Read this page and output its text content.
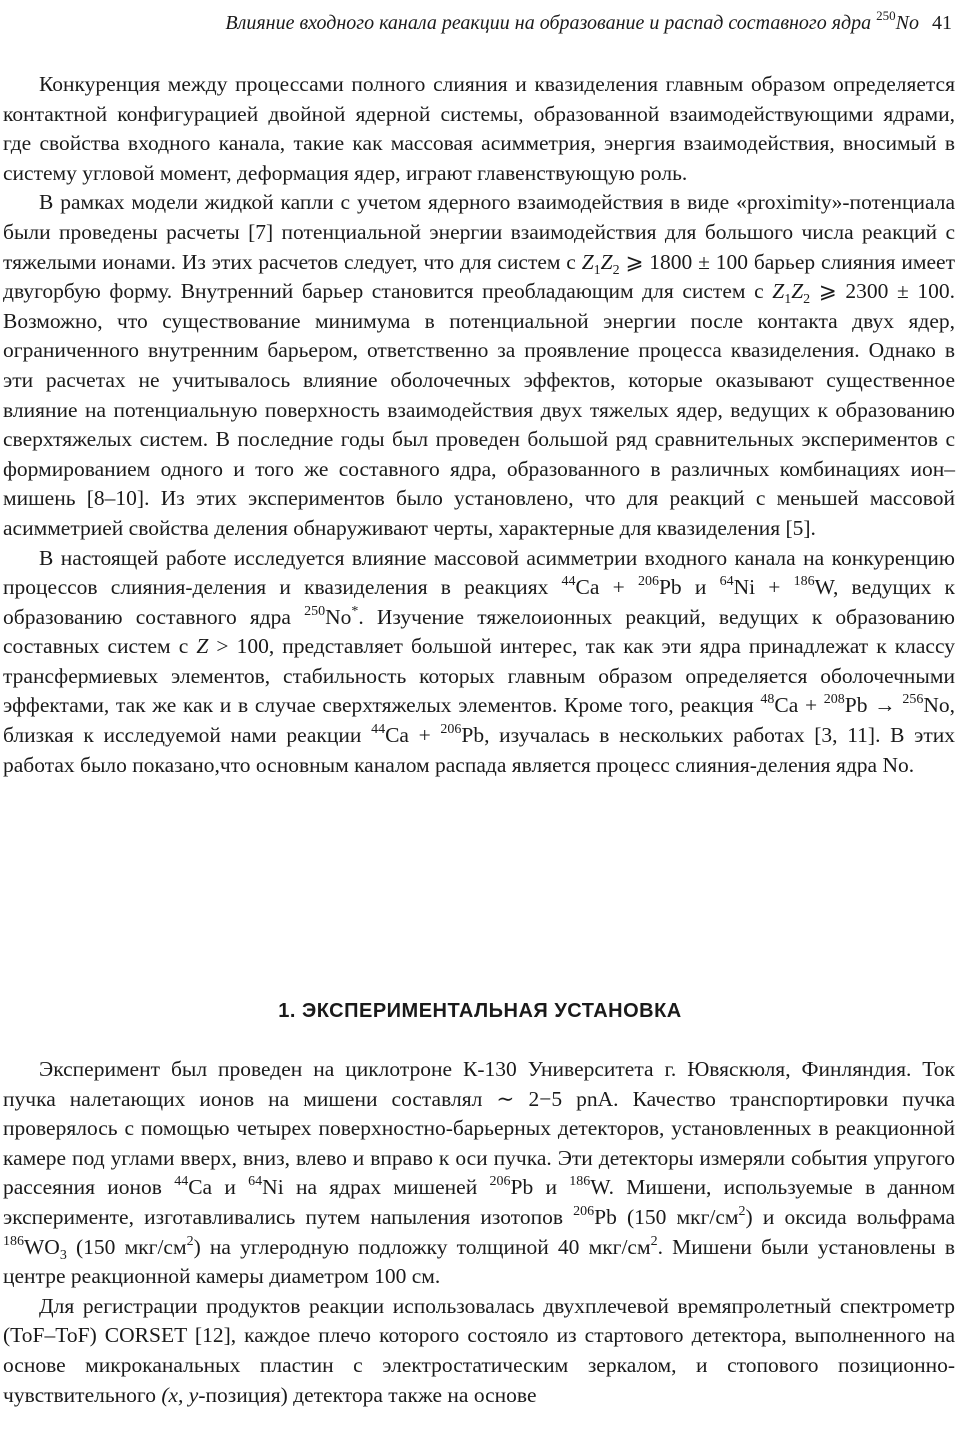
Влияние входного канала реакции на образование и распад составного ядра $^{250}$No 41

Конкуренция между процессами полного слияния и квазиделения главным образом определяется контактной конфигурацией двойной ядерной системы, образованной взаимодействующими ядрами, где свойства входного канала, такие как массовая асимметрия, энергия взаимодействия, вносимый в систему угловой момент, деформация ядер, играют главенствующую роль.

В рамках модели жидкой капли с учетом ядерного взаимодействия в виде «proximity»-потенциала были проведены расчеты [7] потенциальной энергии взаимодействия для большого числа реакций с тяжелыми ионами. Из этих расчетов следует, что для систем с $Z_1Z_2$ ⩾ 1800 ± 100 барьер слияния имеет двугорбую форму. Внутренний барьер становится преобладающим для систем с $Z_1Z_2$ ⩾ 2300 ± 100. Возможно, что существование минимума в потенциальной энергии после контакта двух ядер, ограниченного внутренним барьером, ответственно за проявление процесса квазиделения. Однако в эти расчетах не учитывалось влияние оболочечных эффектов, которые оказывают существенное влияние на потенциальную поверхность взаимодействия двух тяжелых ядер, ведущих к образованию сверхтяжелых систем. В последние годы был проведен большой ряд сравнительных экспериментов с формированием одного и того же составного ядра, образованного в различных комбинациях ион–мишень [8–10]. Из этих экспериментов было установлено, что для реакций с меньшей массовой асимметрией свойства деления обнаруживают черты, характерные для квазиделения [5].

В настоящей работе исследуется влияние массовой асимметрии входного канала на конкуренцию процессов слияния-деления и квазиделения в реакциях $^{44}$Ca + $^{206}$Pb и $^{64}$Ni + $^{186}$W, ведущих к образованию составного ядра $^{250}$No*. Изучение тяжелоионных реакций, ведущих к образованию составных систем с Z > 100, представляет большой интерес, так как эти ядра принадлежат к классу трансфермиевых элементов, стабильность которых главным образом определяется оболочечными эффектами, так же как и в случае сверхтяжелых элементов. Кроме того, реакция $^{48}$Ca + $^{208}$Pb → $^{256}$No, близкая к исследуемой нами реакции $^{44}$Ca + $^{206}$Pb, изучалась в нескольких работах [3, 11]. В этих работах было показано,что основным каналом распада является процесс слияния-деления ядра No.

1. ЭКСПЕРИМЕНТАЛЬНАЯ УСТАНОВКА

Эксперимент был проведен на циклотроне К-130 Университета г. Ювяскюля, Финляндия. Ток пучка налетающих ионов на мишени составлял ∼ 2−5 pnA. Качество транспортировки пучка проверялось с помощью четырех поверхностно-барьерных детекторов, установленных в реакционной камере под углами вверх, вниз, влево и вправо к оси пучка. Эти детекторы измеряли события упругого рассеяния ионов $^{44}$Ca и $^{64}$Ni на ядрах мишеней $^{206}$Pb и $^{186}$W. Мишени, используемые в данном эксперименте, изготавливались путем напыления изотопов $^{206}$Pb (150 мкг/$см^2$) и оксида вольфрама $^{186}WO_3$ (150 мкг/$см^2$) на углеродную подложку толщиной 40 мкг/$см^2$. Мишени были установлены в центре реакционной камеры диаметром 100 см.

Для регистрации продуктов реакции использовалась двухплечевой времяпролетный спектрометр (ToF–ToF) CORSET [12], каждое плечо которого состояло из стартового детектора, выполненного на основе микроканальных пластин с электростатическим зеркалом, и стопового позиционно-чувствительного (x, y-позиция) детектора также на основе
